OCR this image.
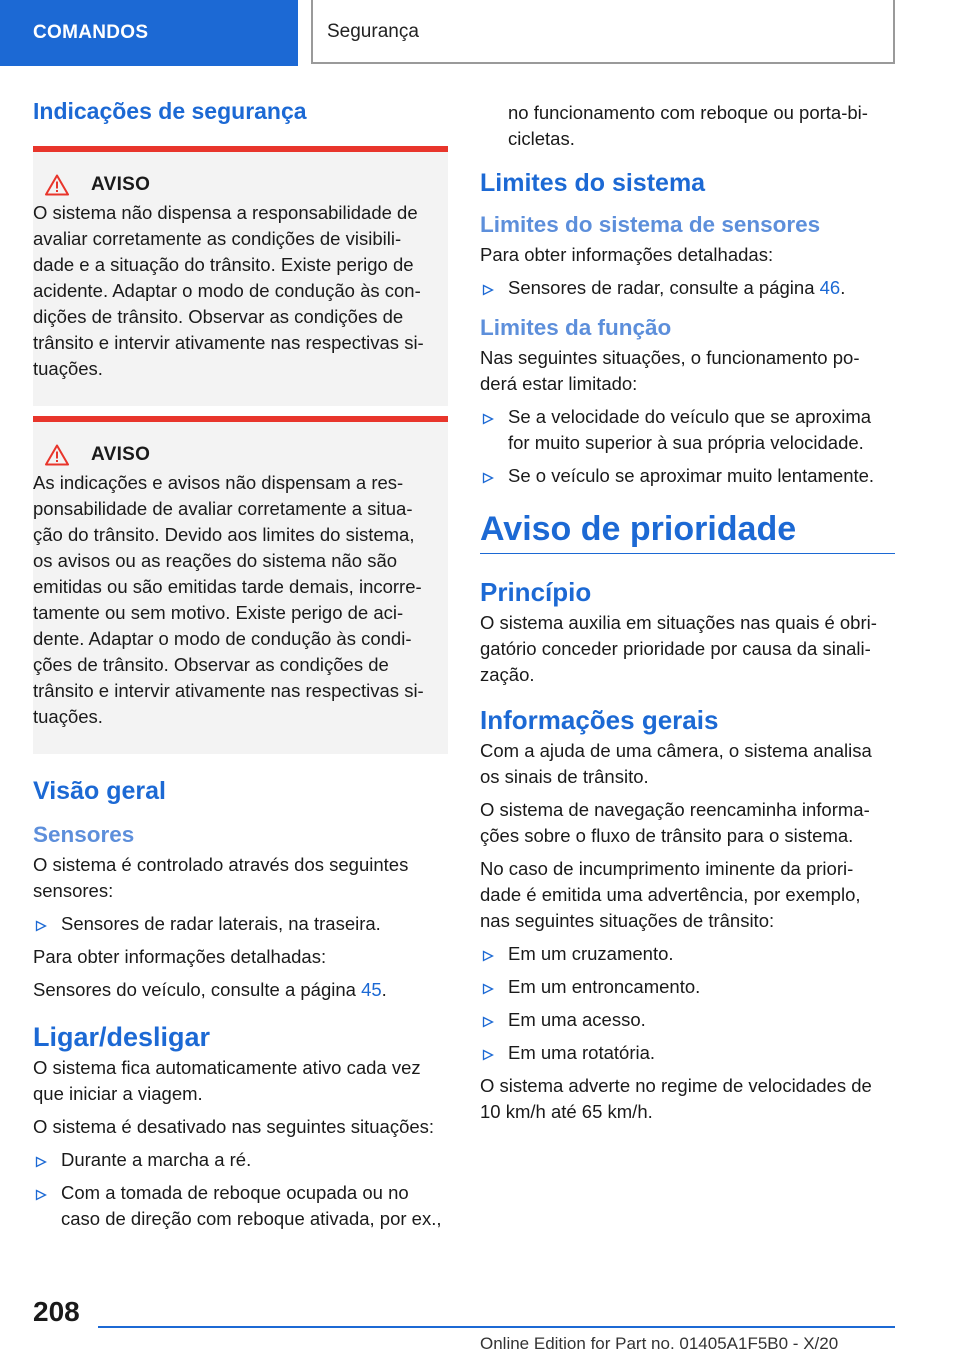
COMANDOS	Segurança
Indicações de segurança
AVISO
O sistema não dispensa a responsabilidade de
avaliar corretamente as condições de visibili-
dade e a situação do trânsito. Existe perigo de
acidente. Adaptar o modo de condução às con-
dições de trânsito. Observar as condições de
trânsito e intervir ativamente nas respectivas si-
tuações.
AVISO
As indicações e avisos não dispensam a res-
ponsabilidade de avaliar corretamente a situa-
ção do trânsito. Devido aos limites do sistema,
os avisos ou as reações do sistema não são
emitidas ou são emitidas tarde demais, incorre-
tamente ou sem motivo. Existe perigo de aci-
dente. Adaptar o modo de condução às condi-
ções de trânsito. Observar as condições de
trânsito e intervir ativamente nas respectivas si-
tuações.
Visão geral
Sensores

O sistema é controlado através dos seguintes
sensores:

Sensores de radar laterais, na traseira.

Para obter informações detalhadas:

Sensores do veículo, consulte a página 45.

Ligar/desligar

O sistema fica automaticamente ativo cada vez
que iniciar a viagem.

O sistema é desativado nas seguintes situações:

Durante a marcha a ré.
Com a tomada de reboque ocupada ou no
caso de direção com reboque ativada, por ex.,

no funcionamento com reboque ou porta-bi-
cicletas.

Limites do sistema
Limites do sistema de sensores

Para obter informações detalhadas:

Sensores de radar, consulte a página 46.
Limites da função

Nas seguintes situações, o funcionamento po-
derá estar limitado:

Se a velocidade do veículo que se aproxima
for muito superior à sua própria velocidade.
Se o veículo se aproximar muito lentamente.
Aviso de prioridade
Princípio

O sistema auxilia em situações nas quais é obri-
gatório conceder prioridade por causa da sinali-
zação.

Informações gerais

Com a ajuda de uma câmera, o sistema analisa
os sinais de trânsito.

O sistema de navegação reencaminha informa-
ções sobre o fluxo de trânsito para o sistema.

No caso de incumprimento iminente da priori-
dade é emitida uma advertência, por exemplo,
nas seguintes situações de trânsito:

Em um cruzamento.
Em um entroncamento.
Em uma acesso.
Em uma rotatória.

O sistema adverte no regime de velocidades de
10 km/h até 65 km/h.

208
Online Edition for Part no. 01405A1F5B0 - X/20
